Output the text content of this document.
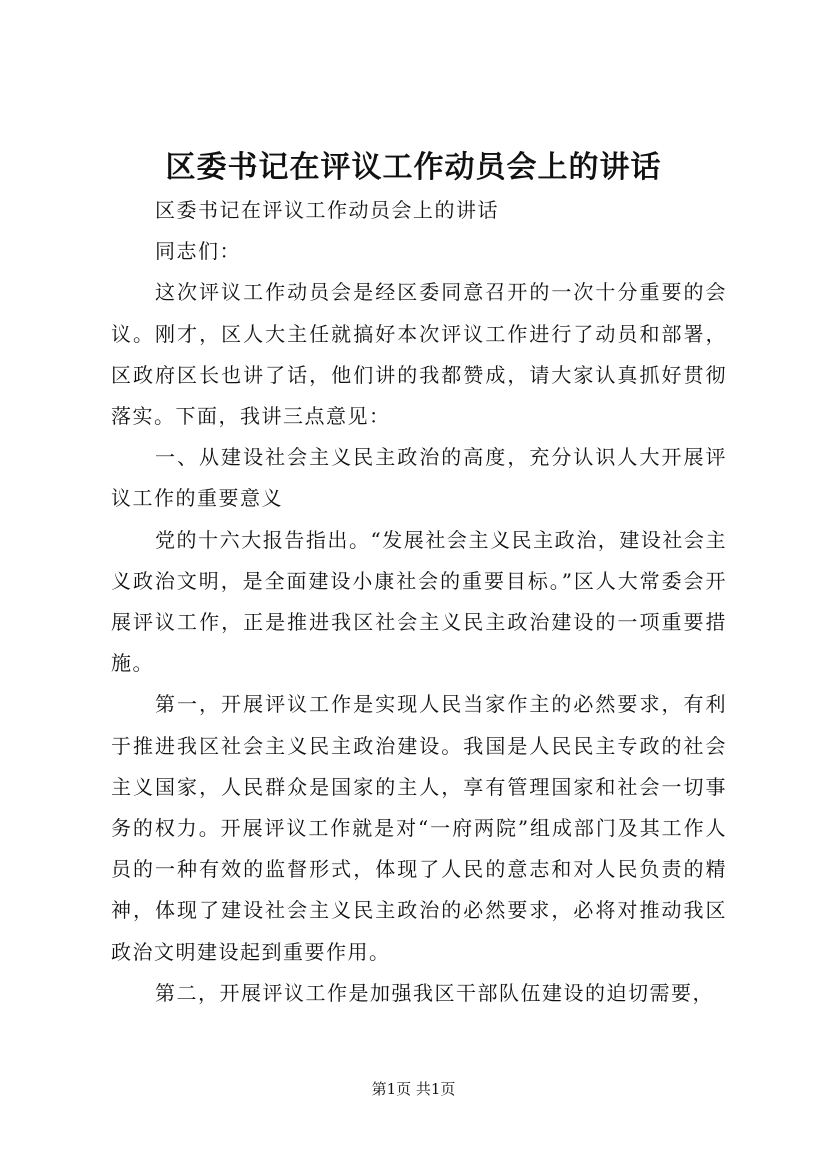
区委书记在评议工作动员会上的讲话

区委书记在评议工作动员会上的讲话

同志们：

这次评议工作动员会是经区委同意召开的一次十分重要的会议。刚才，区人大主任就搞好本次评议工作进行了动员和部署，区政府区长也讲了话，他们讲的我都赞成，请大家认真抓好贯彻落实。下面，我讲三点意见：

一、从建设社会主义民主政治的高度，充分认识人大开展评议工作的重要意义

党的十六大报告指出。“发展社会主义民主政治，建设社会主义政治文明，是全面建设小康社会的重要目标。”区人大常委会开展评议工作，正是推进我区社会主义民主政治建设的一项重要措施。

第一，开展评议工作是实现人民当家作主的必然要求，有利于推进我区社会主义民主政治建设。我国是人民民主专政的社会主义国家，人民群众是国家的主人，享有管理国家和社会一切事务的权力。开展评议工作就是对“一府两院”组成部门及其工作人员的一种有效的监督形式，体现了人民的意志和对人民负责的精神，体现了建设社会主义民主政治的必然要求，必将对推动我区政治文明建设起到重要作用。

第二，开展评议工作是加强我区干部队伍建设的迫切需要，

第1页 共1页
